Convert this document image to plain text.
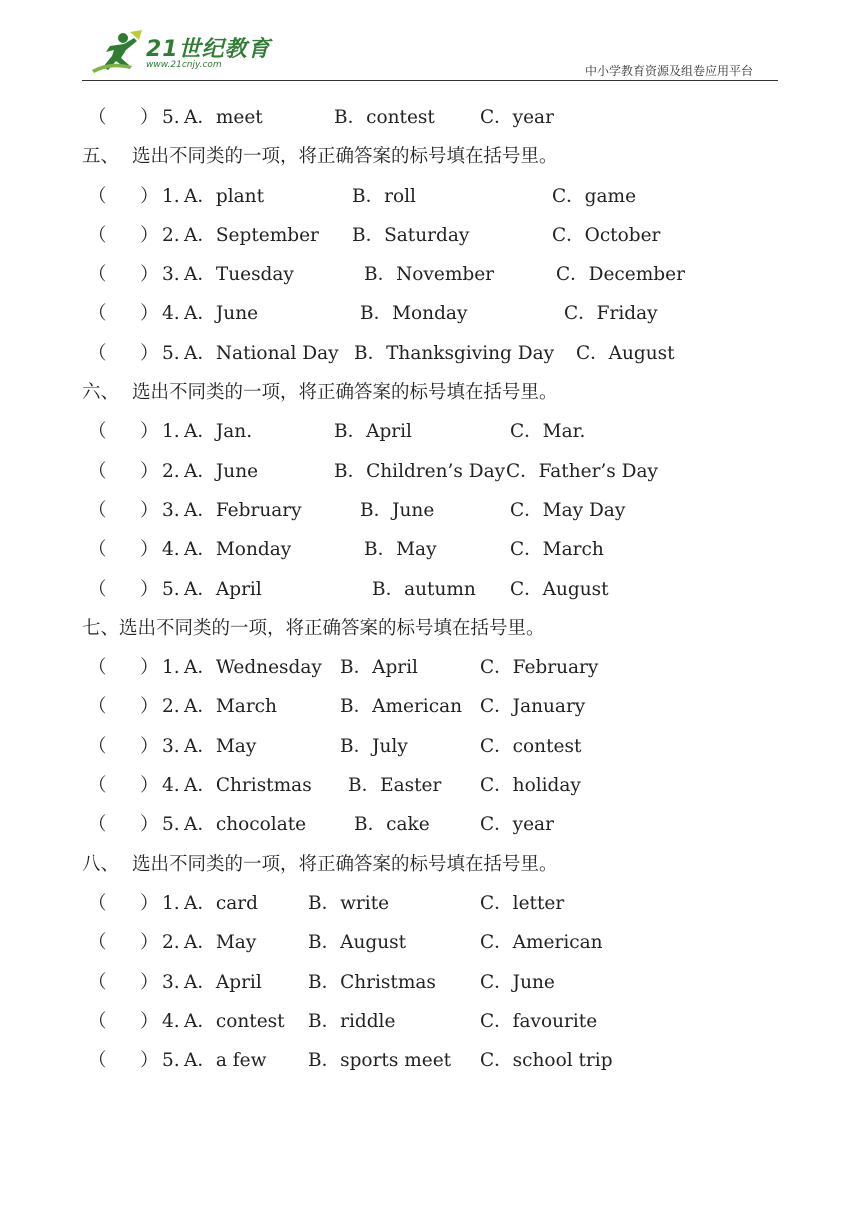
21世纪教育
www.21cnjy.com	中小学教育资源及组卷应用平台
（ ） 5. A．meet	B．contest C．year
五、 选出不同类的一项，将正确答案的标号填在括号里。
（ ） 1. A．plant	B．roll	C．game
（ ） 2. A．September B．Saturday	C．October
（ ） 3. A．Tuesday	B．November	C．December
（ ） 4. A．June	B．Monday	C．Friday
（ ） 5. A．National Day B．Thanksgiving Day C．August
六、 选出不同类的一项，将正确答案的标号填在括号里。
（ ） 1. A．Jan.	B．April	C．Mar.
（ ） 2. A．June	B．Children’s Day C．Father’s Day
（ ） 3. A．February	B．June	C．May Day
（ ） 4. A．Monday	B．May	C．March
（ ） 5. A．April	B．autumn C．August
七、选出不同类的一项，将正确答案的标号填在括号里。
（ ） 1. A．Wednesday B．April	C．February
（ ） 2. A．March	B．American C．January
（ ） 3. A．May	B．July	C．contest
（ ） 4. A．Christmas B．Easter C．holiday
（ ） 5. A．chocolate	B．cake	C．year
八、 选出不同类的一项，将正确答案的标号填在括号里。
（ ） 1. A．card	B．write	C．letter
（ ） 2. A．May	B．August	C．American
（ ） 3. A．April	B．Christmas C．June
（ ） 4. A．contest B．riddle	C．favourite
（ ） 5. A．a few B．sports meet C．school trip
